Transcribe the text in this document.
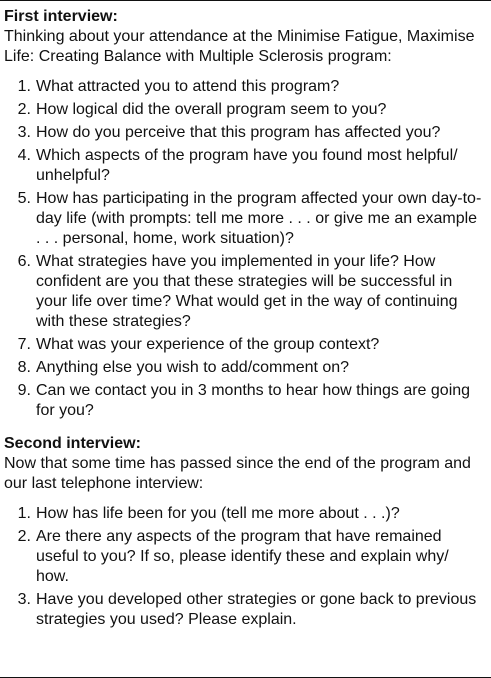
First interview:

Thinking about your attendance at the Minimise Fatigue, Maximise Life: Creating Balance with Multiple Sclerosis program:

1. What attracted you to attend this program?
2. How logical did the overall program seem to you?
3. How do you perceive that this program has affected you?
4. Which aspects of the program have you found most helpful/ unhelpful?
5. How has participating in the program affected your own day-to-day life (with prompts: tell me more . . . or give me an example . . . personal, home, work situation)?
6. What strategies have you implemented in your life? How confident are you that these strategies will be successful in your life over time? What would get in the way of continuing with these strategies?
7. What was your experience of the group context?
8. Anything else you wish to add/comment on?
9. Can we contact you in 3 months to hear how things are going for you?

Second interview:

Now that some time has passed since the end of the program and our last telephone interview:

1. How has life been for you (tell me more about . . .)?
2. Are there any aspects of the program that have remained useful to you? If so, please identify these and explain why/ how.
3. Have you developed other strategies or gone back to previous strategies you used? Please explain.
